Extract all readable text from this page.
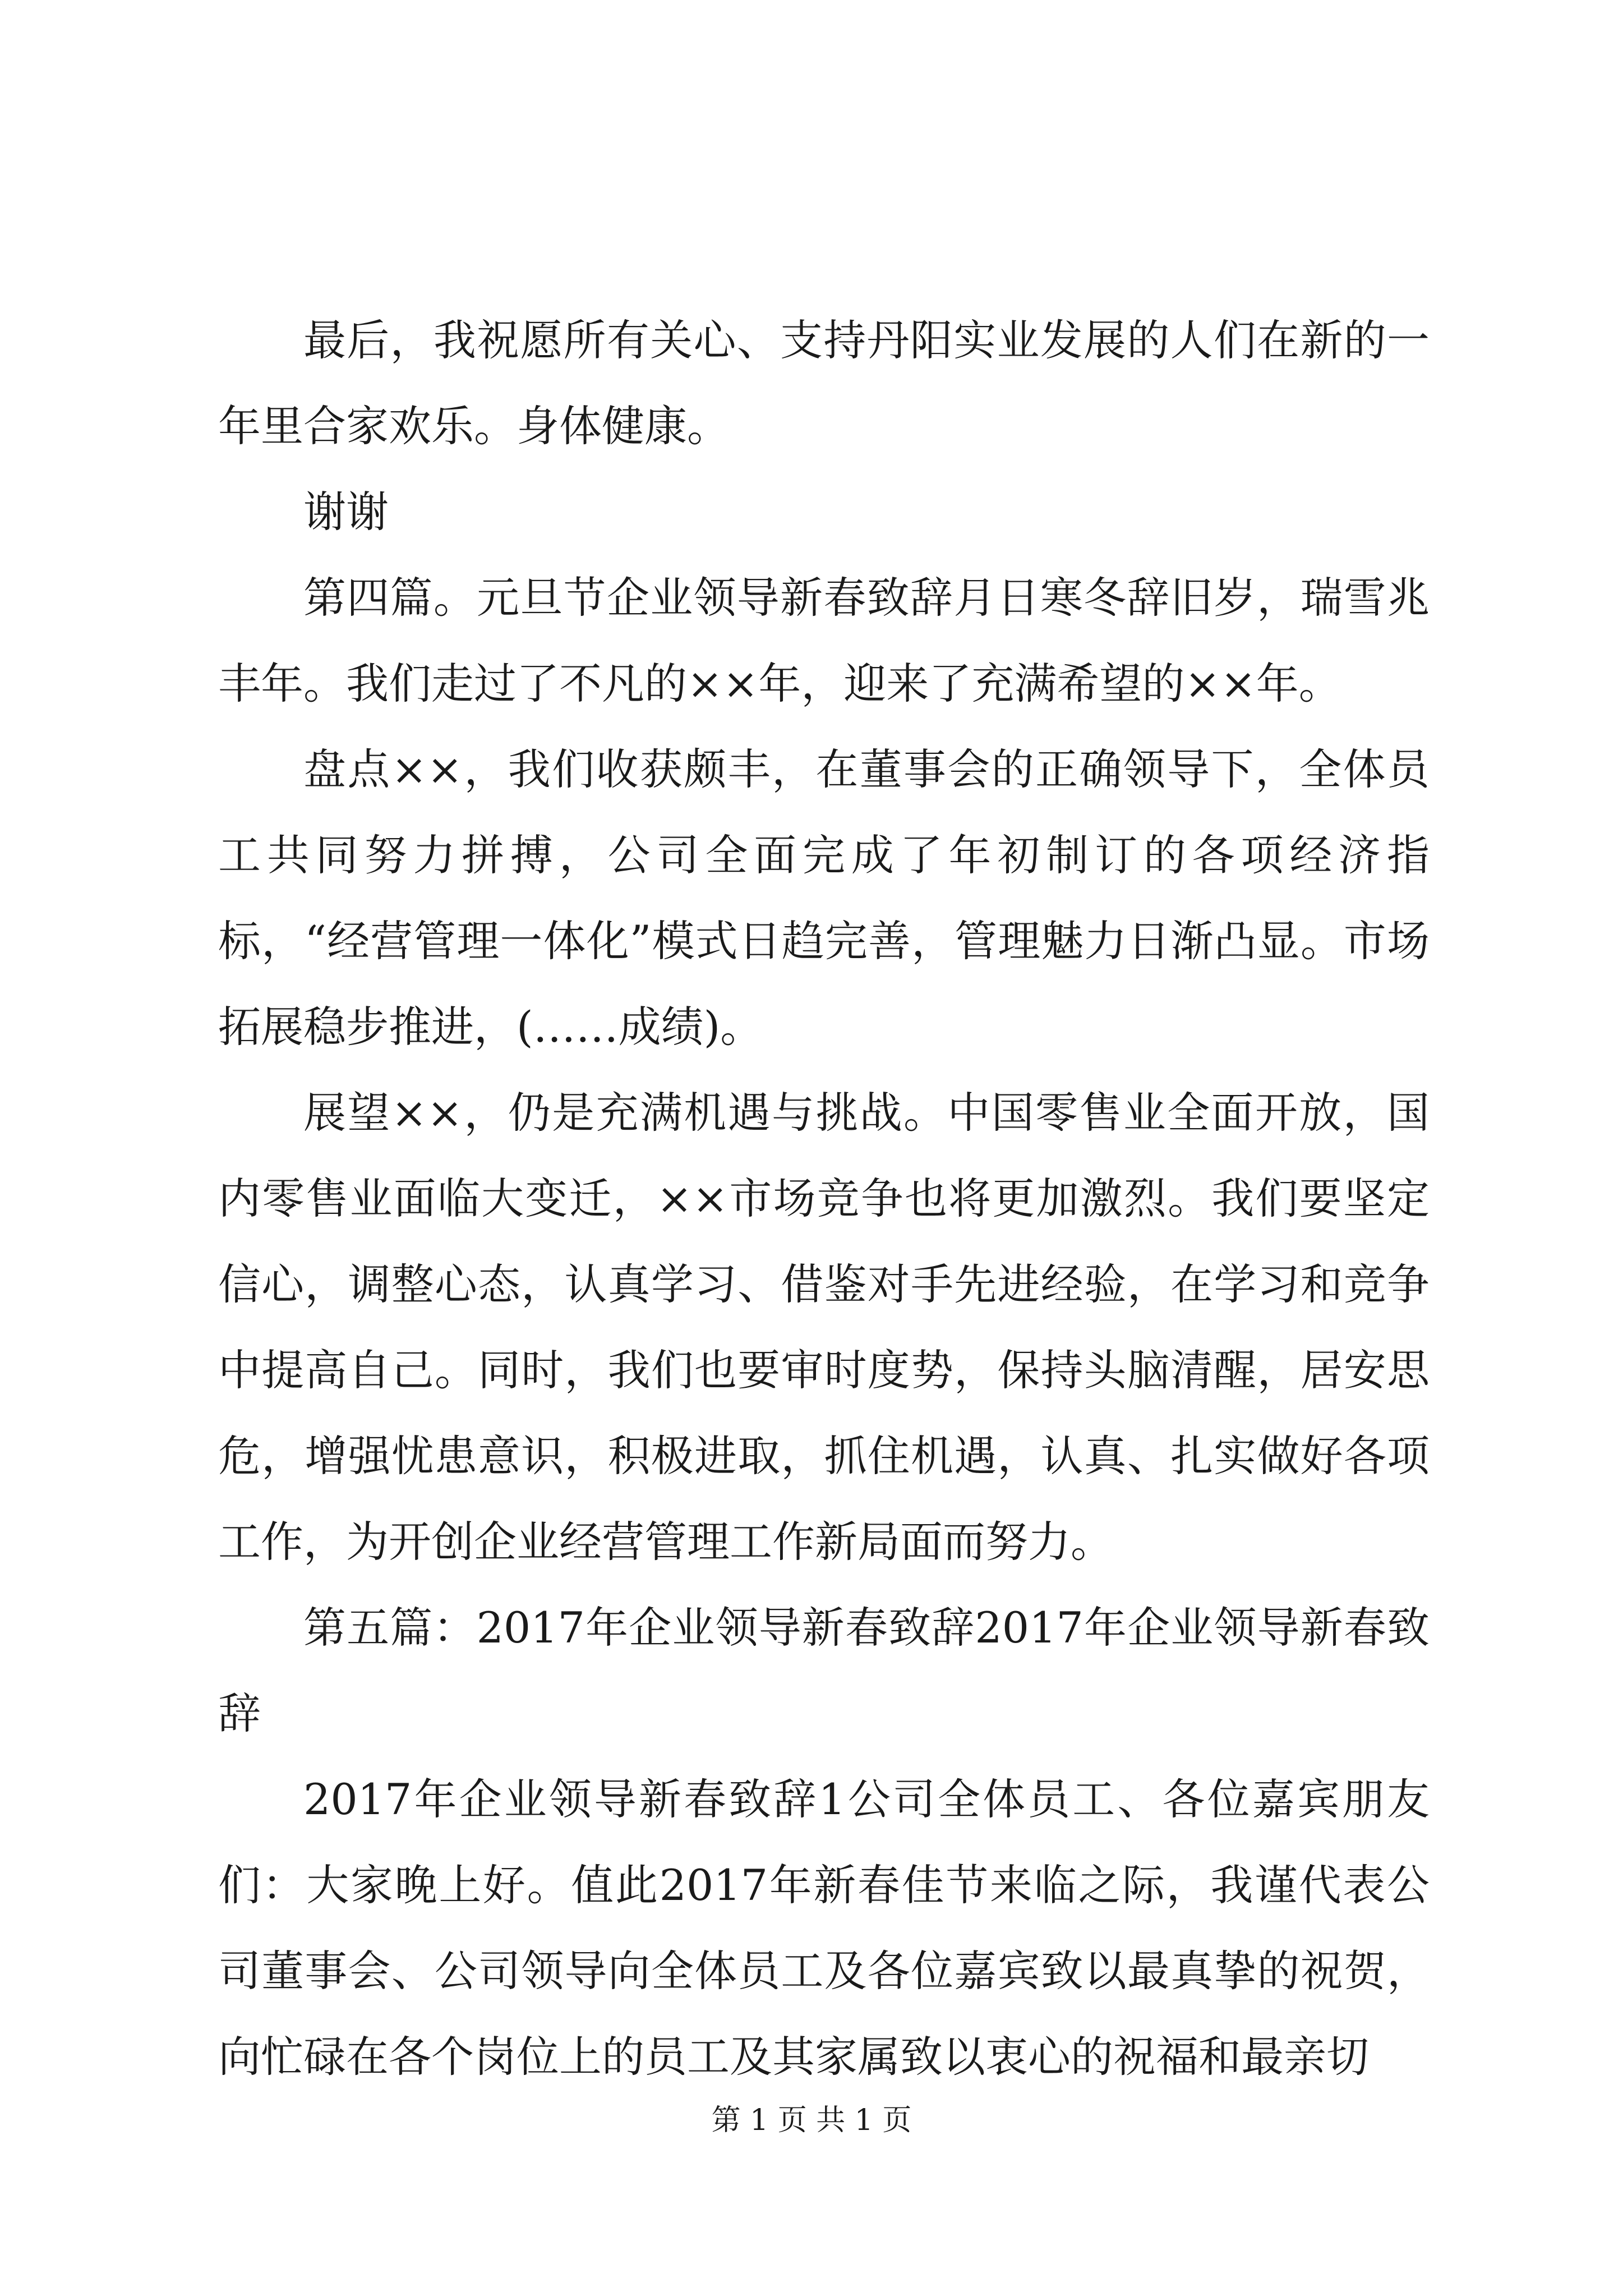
最后，我祝愿所有关心、支持丹阳实业发展的人们在新的一年里合家欢乐。身体健康。

谢谢

第四篇。元旦节企业领导新春致辞月日寒冬辞旧岁，瑞雪兆丰年。我们走过了不凡的××年，迎来了充满希望的××年。

盘点××，我们收获颇丰，在董事会的正确领导下，全体员工共同努力拼搏，公司全面完成了年初制订的各项经济指标，“经营管理一体化”模式日趋完善，管理魅力日渐凸显。市场拓展稳步推进，(……成绩)。

展望××，仍是充满机遇与挑战。中国零售业全面开放，国内零售业面临大变迁，××市场竞争也将更加激烈。我们要坚定信心，调整心态，认真学习、借鉴对手先进经验，在学习和竞争中提高自己。同时，我们也要审时度势，保持头脑清醒，居安思危，增强忧患意识，积极进取，抓住机遇，认真、扎实做好各项工作，为开创企业经营管理工作新局面而努力。

第五篇：2017年企业领导新春致辞2017年企业领导新春致辞

2017年企业领导新春致辞1公司全体员工、各位嘉宾朋友们：大家晚上好。值此2017年新春佳节来临之际，我谨代表公司董事会、公司领导向全体员工及各位嘉宾致以最真挚的祝贺，向忙碌在各个岗位上的员工及其家属致以衷心的祝福和最亲切

第 1 页 共 1 页
